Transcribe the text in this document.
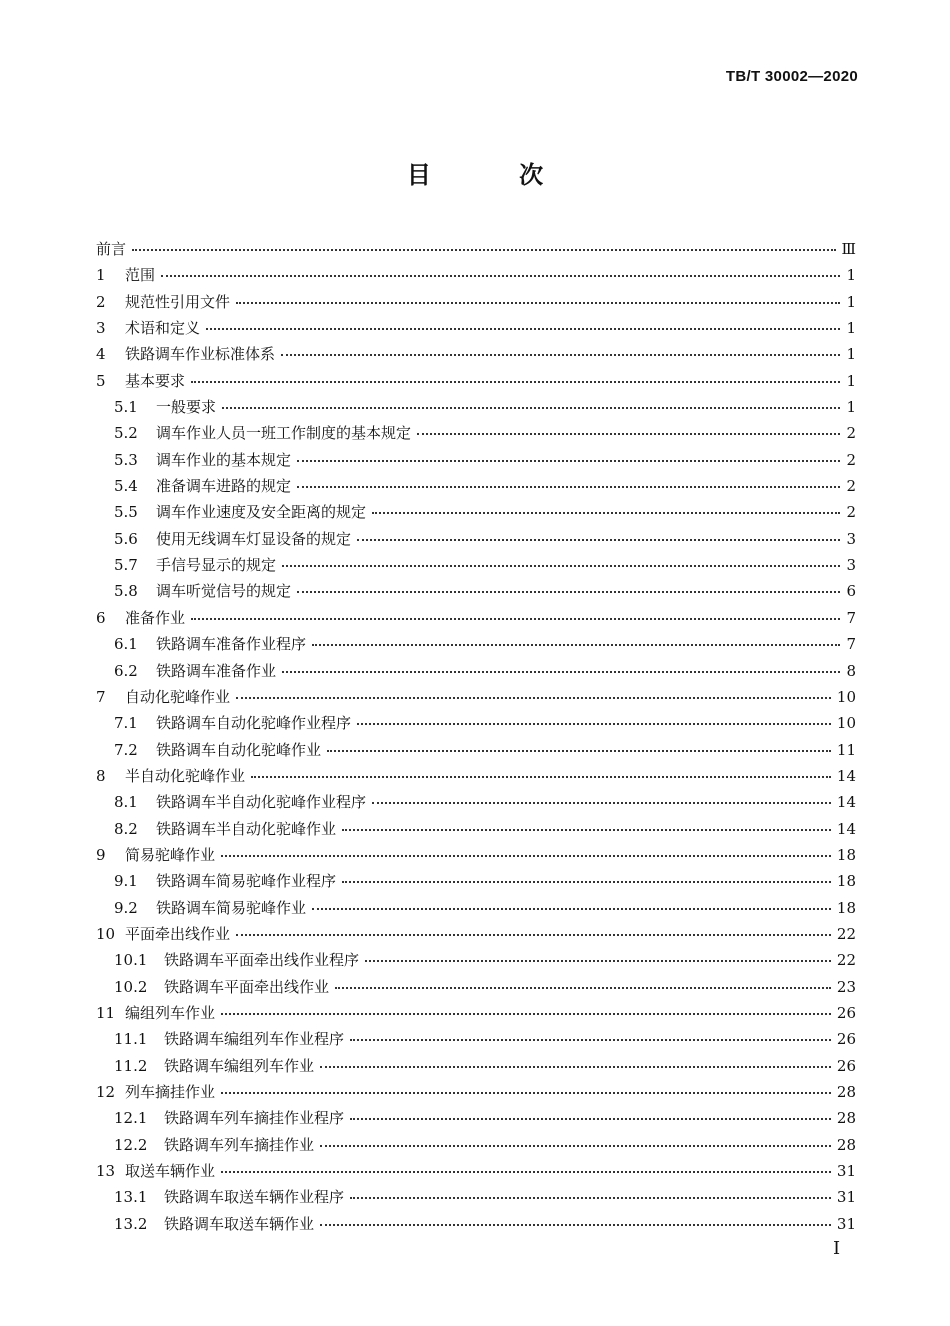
TB/T 30002—2020
目 次
前言	Ⅲ
1	范围	1
2	规范性引用文件	1
3	术语和定义	1
4	铁路调车作业标准体系	1
5	基本要求	1
5.1	一般要求	1
5.2	调车作业人员一班工作制度的基本规定	2
5.3	调车作业的基本规定	2
5.4	准备调车进路的规定	2
5.5	调车作业速度及安全距离的规定	2
5.6	使用无线调车灯显设备的规定	3
5.7	手信号显示的规定	3
5.8	调车听觉信号的规定	6
6	准备作业	7
6.1	铁路调车准备作业程序	7
6.2	铁路调车准备作业	8
7	自动化驼峰作业	10
7.1	铁路调车自动化驼峰作业程序	10
7.2	铁路调车自动化驼峰作业	11
8	半自动化驼峰作业	14
8.1	铁路调车半自动化驼峰作业程序	14
8.2	铁路调车半自动化驼峰作业	14
9	简易驼峰作业	18
9.1	铁路调车简易驼峰作业程序	18
9.2	铁路调车简易驼峰作业	18
10 平面牵出线作业	22
10.1	铁路调车平面牵出线作业程序	22
10.2	铁路调车平面牵出线作业	23
11 编组列车作业	26
11.1	铁路调车编组列车作业程序	26
11.2	铁路调车编组列车作业	26
12 列车摘挂作业	28
12.1	铁路调车列车摘挂作业程序	28
12.2	铁路调车列车摘挂作业	28
13 取送车辆作业	31
13.1	铁路调车取送车辆作业程序	31
13.2	铁路调车取送车辆作业	31
I
